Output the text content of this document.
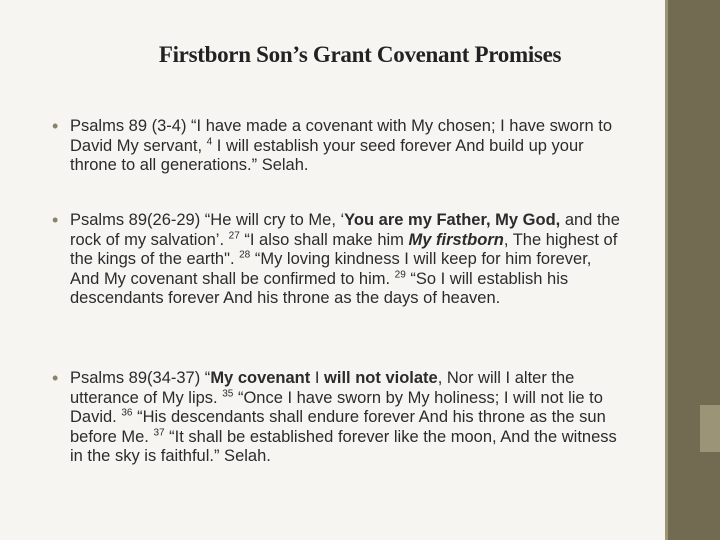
Firstborn Son’s Grant Covenant Promises
• Psalms 89 (3-4) “I have made a covenant with My chosen; I have sworn to David My servant, $^4$ I will establish your seed forever And build up your throne to all generations.” Selah.
• Psalms 89(26-29) “He will cry to Me, ‘You are my Father, My God, and the rock of my salvation’. $^{27}$ “I also shall make him My firstborn, The highest of the kings of the earth". $^{28}$ “My loving kindness I will keep for him forever, And My covenant shall be confirmed to him. $^{29}$ “So I will establish his descendants forever And his throne as the days of heaven.
• Psalms 89(34-37) “My covenant I will not violate, Nor will I alter the utterance of My lips. $^{35}$ “Once I have sworn by My holiness; I will not lie to David. $^{36}$ “His descendants shall endure forever And his throne as the sun before Me. $^{37}$ “It shall be established forever like the moon, And the witness in the sky is faithful.” Selah.
